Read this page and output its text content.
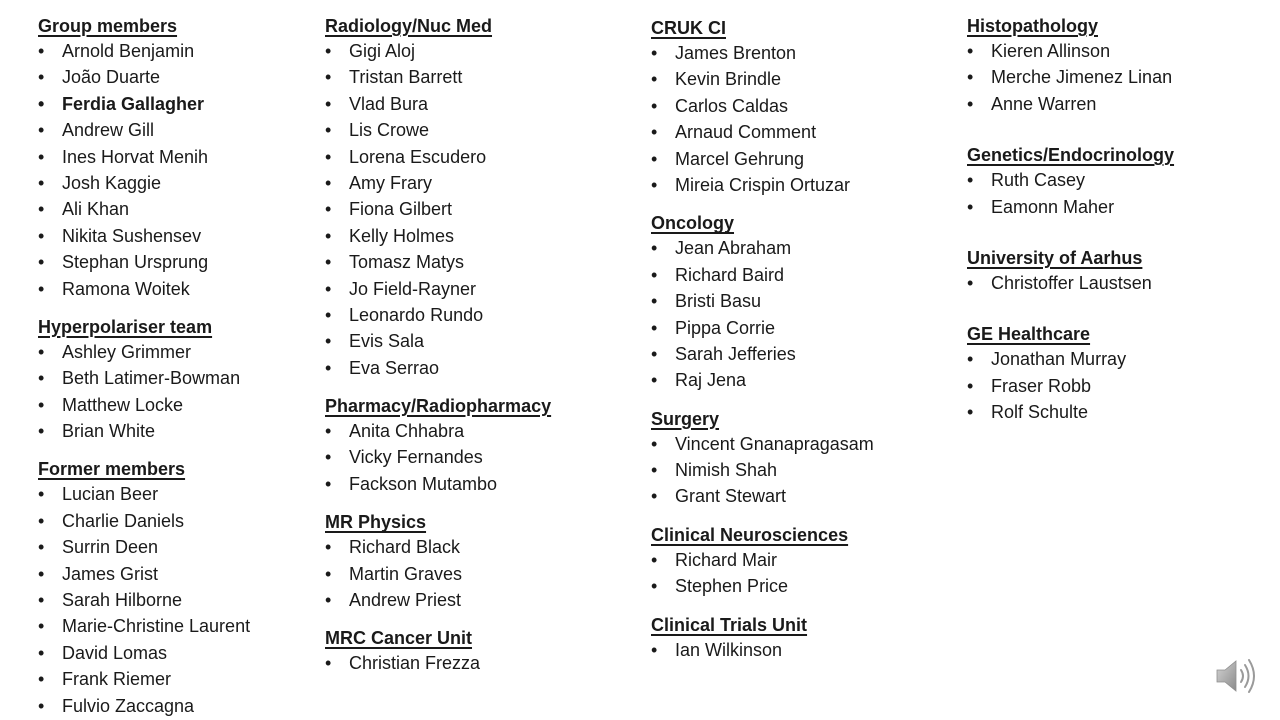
Group members
• Arnold Benjamin
• João Duarte
• Ferdia Gallagher
• Andrew Gill
• Ines Horvat Menih
• Josh Kaggie
• Ali Khan
• Nikita Sushensev
• Stephan Ursprung
• Ramona Woitek
Hyperpolariser team
• Ashley Grimmer
• Beth Latimer-Bowman
• Matthew Locke
• Brian White
Former members
• Lucian Beer
• Charlie Daniels
• Surrin Deen
• James Grist
• Sarah Hilborne
• Marie-Christine Laurent
• David Lomas
• Frank Riemer
• Fulvio Zaccagna
Radiology/Nuc Med
• Gigi Aloj
• Tristan Barrett
• Vlad Bura
• Lis Crowe
• Lorena Escudero
• Amy Frary
• Fiona Gilbert
• Kelly Holmes
• Tomasz Matys
• Jo Field-Rayner
• Leonardo Rundo
• Evis Sala
• Eva Serrao
Pharmacy/Radiopharmacy
• Anita Chhabra
• Vicky Fernandes
• Fackson Mutambo
MR Physics
• Richard Black
• Martin Graves
• Andrew Priest
MRC Cancer Unit
• Christian Frezza
CRUK CI
• James Brenton
• Kevin Brindle
• Carlos Caldas
• Arnaud Comment
• Marcel Gehrung
• Mireia Crispin Ortuzar
Oncology
• Jean Abraham
• Richard Baird
• Bristi Basu
• Pippa Corrie
• Sarah Jefferies
• Raj Jena
Surgery
• Vincent Gnanapragasam
• Nimish Shah
• Grant Stewart
Clinical Neurosciences
• Richard Mair
• Stephen Price
Clinical Trials Unit
• Ian Wilkinson
Histopathology
• Kieren Allinson
• Merche Jimenez Linan
• Anne Warren
Genetics/Endocrinology
• Ruth Casey
• Eamonn Maher
University of Aarhus
• Christoffer Laustsen
GE Healthcare
• Jonathan Murray
• Fraser Robb
• Rolf Schulte
